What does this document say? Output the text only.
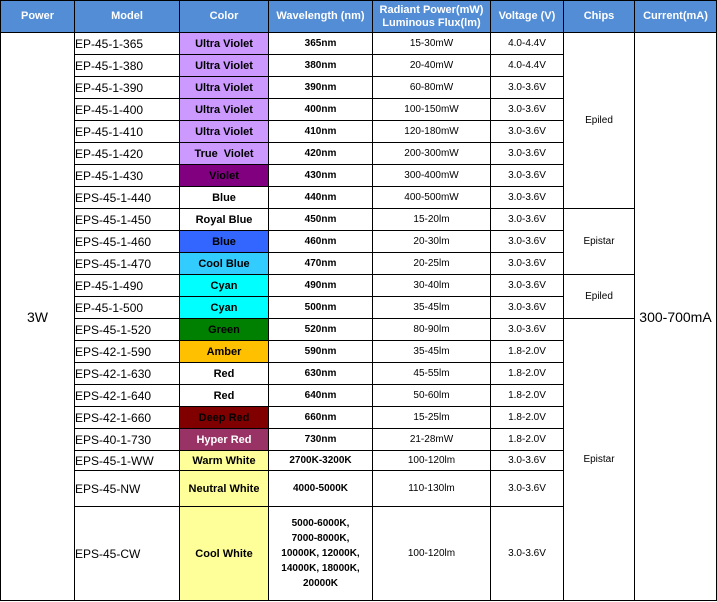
Power	Model	Color	Wavelength (nm)	Radiant Power(mW)
Luminous Flux(lm)	Voltage (V)	Chips	Current(mA)
3W	EP-45-1-365	Ultra Violet	365nm	15-30mW	4.0-4.4V	Epiled	300-700mA
	EP-45-1-380	Ultra Violet	380nm	20-40mW	4.0-4.4V		
	EP-45-1-390	Ultra Violet	390nm	60-80mW	3.0-3.6V		
	EP-45-1-400	Ultra Violet	400nm	100-150mW	3.0-3.6V		
	EP-45-1-410	Ultra Violet	410nm	120-180mW	3.0-3.6V		
	EP-45-1-420	True  Violet	420nm	200-300mW	3.0-3.6V		
	EP-45-1-430	Violet	430nm	300-400mW	3.0-3.6V		
	EPS-45-1-440	Blue	440nm	400-500mW	3.0-3.6V		
	EPS-45-1-450	Royal Blue	450nm	15-20lm	3.0-3.6V	Epistar	
	EPS-45-1-460	Blue	460nm	20-30lm	3.0-3.6V		
	EPS-45-1-470	Cool Blue	470nm	20-25lm	3.0-3.6V		
	EP-45-1-490	Cyan	490nm	30-40lm	3.0-3.6V	Epiled	
	EP-45-1-500	Cyan	500nm	35-45lm	3.0-3.6V		
	EPS-45-1-520	Green	520nm	80-90lm	3.0-3.6V	Epistar	
	EPS-42-1-590	Amber	590nm	35-45lm	1.8-2.0V		
	EPS-42-1-630	Red	630nm	45-55lm	1.8-2.0V		
	EPS-42-1-640	Red	640nm	50-60lm	1.8-2.0V		
	EPS-42-1-660	Deep Red	660nm	15-25lm	1.8-2.0V		
	EPS-40-1-730	Hyper Red	730nm	21-28mW	1.8-2.0V		
	EPS-45-1-WW	Warm White	2700K-3200K	100-120lm	3.0-3.6V		
	EPS-45-NW	Neutral White	4000-5000K	110-130lm	3.0-3.6V		
	EPS-45-CW	Cool White	5000-6000K,
7000-8000K,
10000K, 12000K,
14000K, 18000K,
20000K	100-120lm	3.0-3.6V		
